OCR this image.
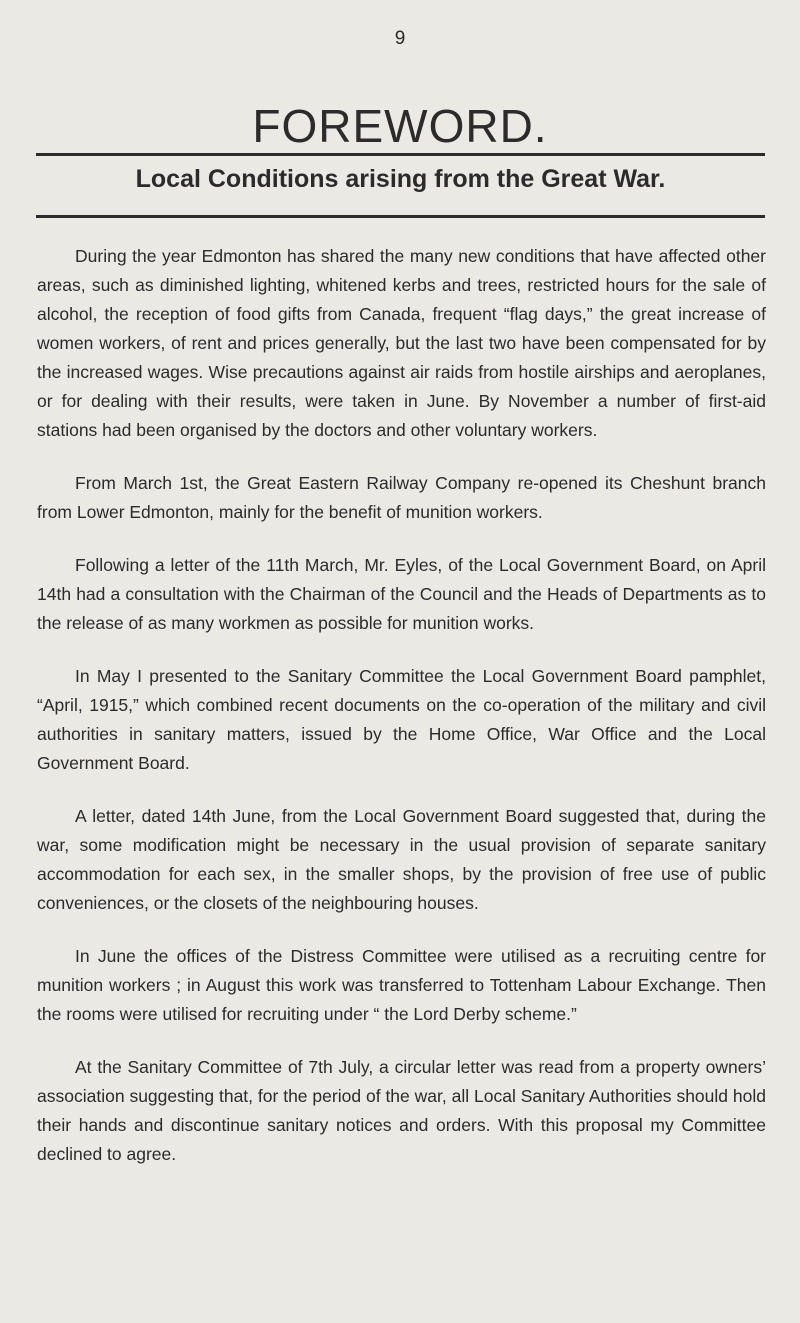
9
FOREWORD.
Local Conditions arising from the Great War.

During the year Edmonton has shared the many new conditions that have affected other areas, such as diminished lighting, whitened kerbs and trees, restricted hours for the sale of alcohol, the reception of food gifts from Canada, frequent “flag days,” the great increase of women workers, of rent and prices generally, but the last two have been compensated for by the increased wages. Wise precautions against air raids from hostile airships and aeroplanes, or for dealing with their results, were taken in June. By November a number of first-aid stations had been organised by the doctors and other voluntary workers.

From March 1st, the Great Eastern Railway Company re-opened its Cheshunt branch from Lower Edmonton, mainly for the benefit of munition workers.

Following a letter of the 11th March, Mr. Eyles, of the Local Government Board, on April 14th had a consultation with the Chairman of the Council and the Heads of Departments as to the release of as many workmen as possible for munition works.

In May I presented to the Sanitary Committee the Local Government Board pamphlet, “April, 1915,” which combined recent documents on the co-operation of the military and civil authorities in sanitary matters, issued by the Home Office, War Office and the Local Government Board.

A letter, dated 14th June, from the Local Government Board suggested that, during the war, some modification might be necessary in the usual provision of separate sanitary accommodation for each sex, in the smaller shops, by the provision of free use of public conveniences, or the closets of the neighbouring houses.

In June the offices of the Distress Committee were utilised as a recruiting centre for munition workers ; in August this work was transferred to Tottenham Labour Exchange. Then the rooms were utilised for recruiting under “ the Lord Derby scheme.”

At the Sanitary Committee of 7th July, a circular letter was read from a property owners’ association suggesting that, for the period of the war, all Local Sanitary Authorities should hold their hands and discontinue sanitary notices and orders. With this proposal my Committee declined to agree.
